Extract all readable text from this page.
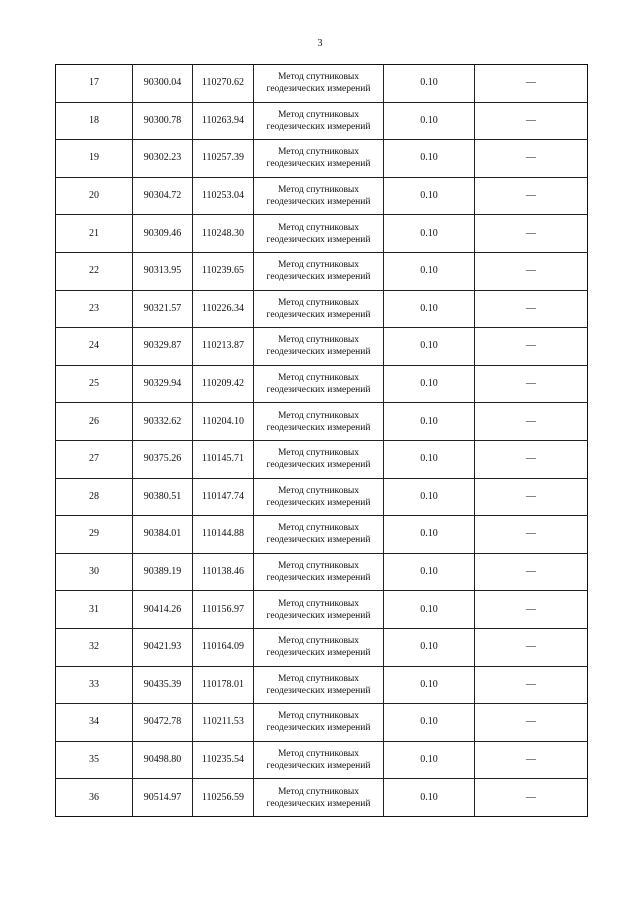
3
17	90300.04	110270.62	Метод спутниковых
геодезических измерений	0.10	—
18	90300.78	110263.94	Метод спутниковых
геодезических измерений	0.10	—
19	90302.23	110257.39	Метод спутниковых
геодезических измерений	0.10	—
20	90304.72	110253.04	Метод спутниковых
геодезических измерений	0.10	—
21	90309.46	110248.30	Метод спутниковых
геодезических измерений	0.10	—
22	90313.95	110239.65	Метод спутниковых
геодезических измерений	0.10	—
23	90321.57	110226.34	Метод спутниковых
геодезических измерений	0.10	—
24	90329.87	110213.87	Метод спутниковых
геодезических измерений	0.10	—
25	90329.94	110209.42	Метод спутниковых
геодезических измерений	0.10	—
26	90332.62	110204.10	Метод спутниковых
геодезических измерений	0.10	—
27	90375.26	110145.71	Метод спутниковых
геодезических измерений	0.10	—
28	90380.51	110147.74	Метод спутниковых
геодезических измерений	0.10	—
29	90384.01	110144.88	Метод спутниковых
геодезических измерений	0.10	—
30	90389.19	110138.46	Метод спутниковых
геодезических измерений	0.10	—
31	90414.26	110156.97	Метод спутниковых
геодезических измерений	0.10	—
32	90421.93	110164.09	Метод спутниковых
геодезических измерений	0.10	—
33	90435.39	110178.01	Метод спутниковых
геодезических измерений	0.10	—
34	90472.78	110211.53	Метод спутниковых
геодезических измерений	0.10	—
35	90498.80	110235.54	Метод спутниковых
геодезических измерений	0.10	—
36	90514.97	110256.59	Метод спутниковых
геодезических измерений	0.10	—
